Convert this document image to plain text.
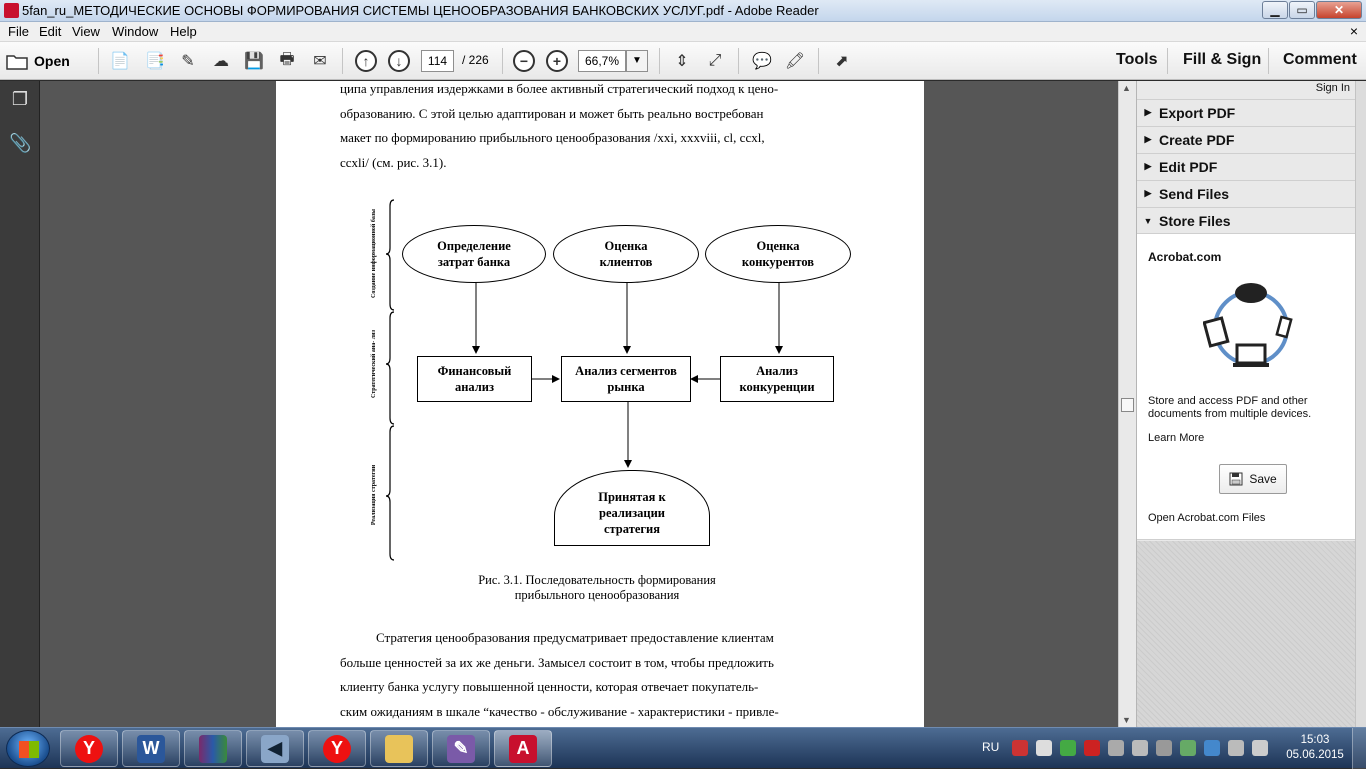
5fan_ru_МЕТОДИЧЕСКИЕ ОСНОВЫ ФОРМИРОВАНИЯ СИСТЕМЫ ЦЕНООБРАЗОВАНИЯ БАНКОВСКИХ УСЛУГ.pdf - Adobe Reader	▁	▭	✕
File Edit View Window Help	×
Open	📄 📑	✎	☁ 💾 🖶	✉	↑	↓	114	/ 226	−	+	66,7%	▼	⇕	⤢	💬 🖍	⬈	Tools Fill & Sign Comment
❐
📎
ципа управления издержками в более активный стратегический подход к цено-
образованию. С этой целью адаптирован и может быть реально востребован
макет по формированию прибыльного ценообразования /xxi, xxxviii, cl, ccxl,
ccxli/ (см. рис. 3.1).
Создание информационной базы
Стратегический ана- лиз
Реализация стратегии
Определение затрат банка
Оценка клиентов
Оценка конкурентов
Финансовый анализ
Анализ сегментов рынка
Анализ конкуренции
Принятая к реализации стратегия
Рис. 3.1. Последовательность формирования
прибыльного ценообразования
Стратегия ценообразования предусматривает предоставление клиентам
больше ценностей за их же деньги. Замысел состоит в том, чтобы предложить
клиенту банка услугу повышенной ценности, которая отвечает покупатель-
ским ожиданиям в шкале “качество - обслуживание - характеристики - привле-
▲
▼
Sign In
▶ Export PDF
▶ Create PDF
▶ Edit PDF
▶ Send Files
▼ Store Files
Acrobat.com
Store and access PDF and other documents from multiple devices.
Learn More
Save
Open Acrobat.com Files
Y	W	◀	Y	✎	A	RU	15:03
05.06.2015
